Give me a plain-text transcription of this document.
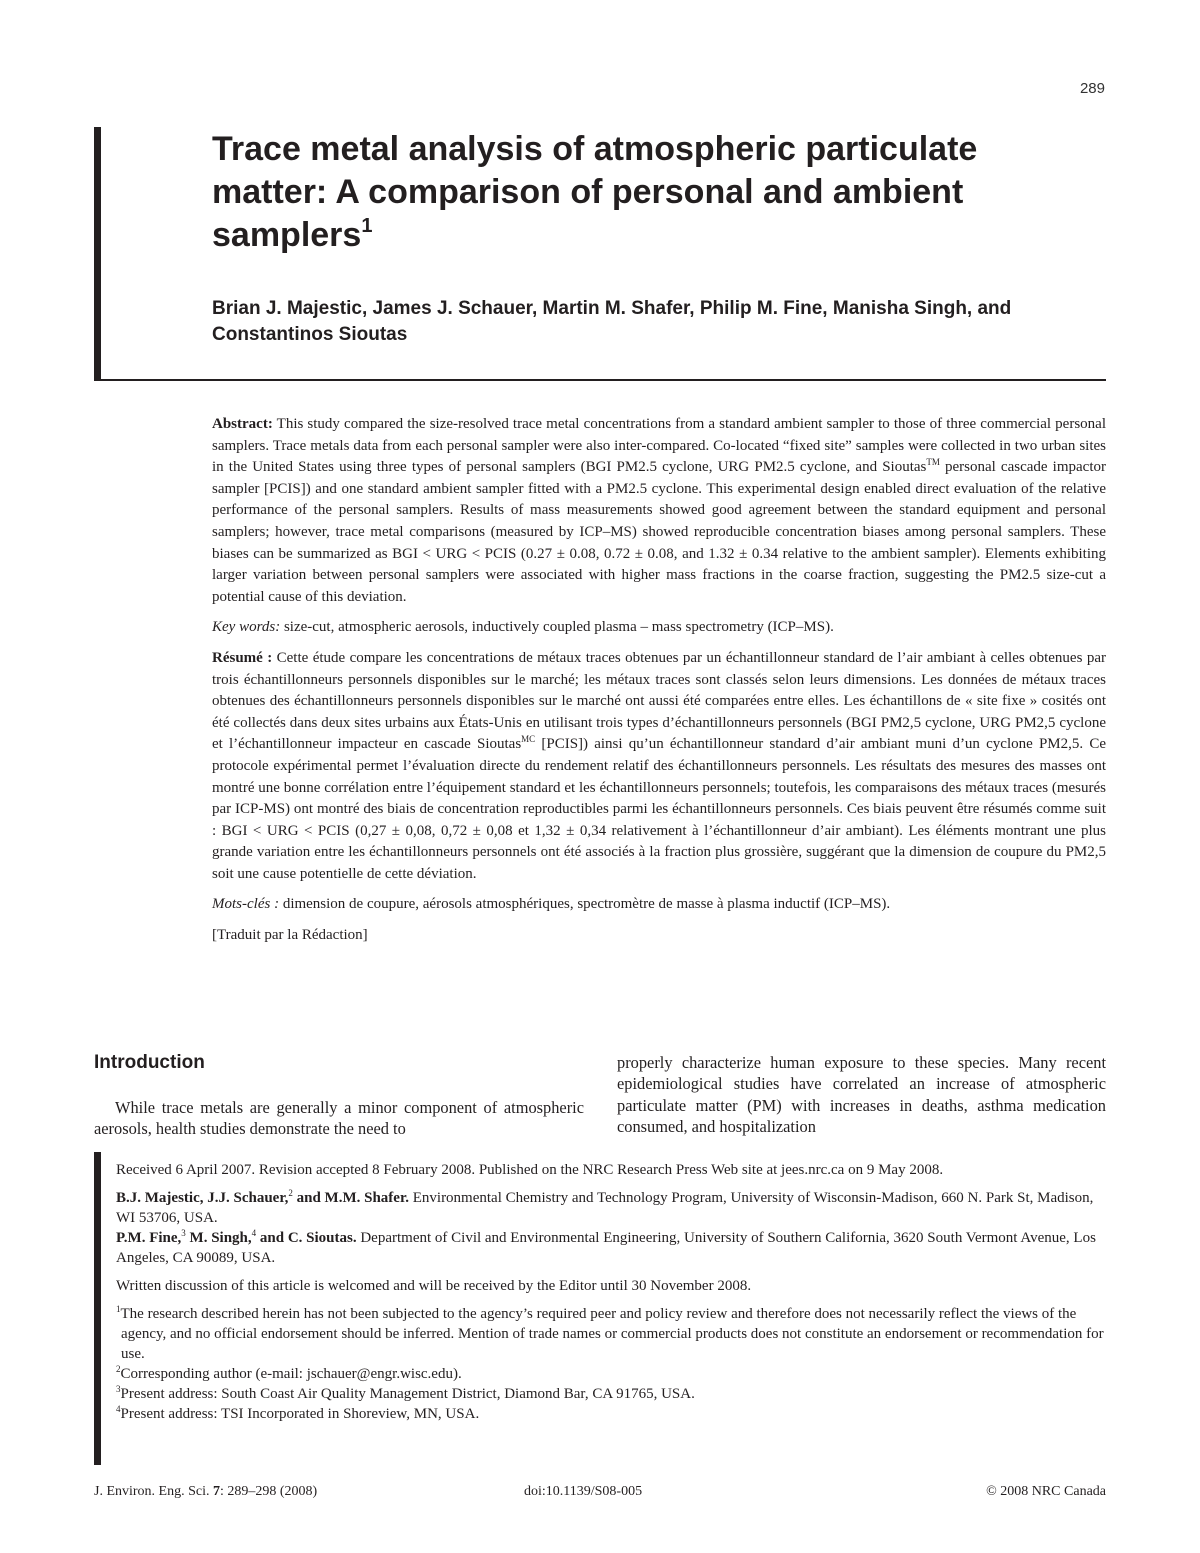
289
Trace metal analysis of atmospheric particulate matter: A comparison of personal and ambient samplers$^1$
Brian J. Majestic, James J. Schauer, Martin M. Shafer, Philip M. Fine, Manisha Singh, and Constantinos Sioutas

Abstract: This study compared the size-resolved trace metal concentrations from a standard ambient sampler to those of three commercial personal samplers. Trace metals data from each personal sampler were also inter-compared. Co-located “fixed site” samples were collected in two urban sites in the United States using three types of personal samplers (BGI PM2.5 cyclone, URG PM2.5 cyclone, and Sioutas™ personal cascade impactor sampler [PCIS]) and one standard ambient sampler fitted with a PM2.5 cyclone. This experimental design enabled direct evaluation of the relative performance of the personal samplers. Results of mass measurements showed good agreement between the standard equipment and personal samplers; however, trace metal comparisons (measured by ICP–MS) showed reproducible concentration biases among personal samplers. These biases can be summarized as BGI < URG < PCIS (0.27 ± 0.08, 0.72 ± 0.08, and 1.32 ± 0.34 relative to the ambient sampler). Elements exhibiting larger variation between personal samplers were associated with higher mass fractions in the coarse fraction, suggesting the PM2.5 size-cut a potential cause of this deviation.

Key words: size-cut, atmospheric aerosols, inductively coupled plasma – mass spectrometry (ICP–MS).

Résumé : Cette étude compare les concentrations de métaux traces obtenues par un échantillonneur standard de l’air ambiant à celles obtenues par trois échantillonneurs personnels disponibles sur le marché; les métaux traces sont classés selon leurs dimensions. Les données de métaux traces obtenues des échantillonneurs personnels disponibles sur le marché ont aussi été comparées entre elles. Les échantillons de « site fixe » cosités ont été collectés dans deux sites urbains aux États-Unis en utilisant trois types d’échantillonneurs personnels (BGI PM2,5 cyclone, URG PM2,5 cyclone et l’échantillonneur impacteur en cascade Sioutas$^{MC}$ [PCIS]) ainsi qu’un échantillonneur standard d’air ambiant muni d’un cyclone PM2,5. Ce protocole expérimental permet l’évaluation directe du rendement relatif des échantillonneurs personnels. Les résultats des mesures des masses ont montré une bonne corrélation entre l’équipement standard et les échantillonneurs personnels; toutefois, les comparaisons des métaux traces (mesurés par ICP-MS) ont montré des biais de concentration reproductibles parmi les échantillonneurs personnels. Ces biais peuvent être résumés comme suit : BGI < URG < PCIS (0,27 ± 0,08, 0,72 ± 0,08 et 1,32 ± 0,34 relativement à l’échantillonneur d’air ambiant). Les éléments montrant une plus grande variation entre les échantillonneurs personnels ont été associés à la fraction plus grossière, suggérant que la dimension de coupure du PM2,5 soit une cause potentielle de cette déviation.

Mots-clés : dimension de coupure, aérosols atmosphériques, spectromètre de masse à plasma inductif (ICP–MS).

[Traduit par la Rédaction]

Introduction

While trace metals are generally a minor component of atmospheric aerosols, health studies demonstrate the need to

properly characterize human exposure to these species. Many recent epidemiological studies have correlated an increase of atmospheric particulate matter (PM) with increases in deaths, asthma medication consumed, and hospitalization

Received 6 April 2007. Revision accepted 8 February 2008. Published on the NRC Research Press Web site at jees.nrc.ca on 9 May 2008.

B.J. Majestic, J.J. Schauer,$^2$ and M.M. Shafer. Environmental Chemistry and Technology Program, University of Wisconsin-Madison, 660 N. Park St, Madison, WI 53706, USA.

P.M. Fine,$^3$ M. Singh,$^4$ and C. Sioutas. Department of Civil and Environmental Engineering, University of Southern California, 3620 South Vermont Avenue, Los Angeles, CA 90089, USA.

Written discussion of this article is welcomed and will be received by the Editor until 30 November 2008.

$^1$The research described herein has not been subjected to the agency’s required peer and policy review and therefore does not necessarily reflect the views of the agency, and no official endorsement should be inferred. Mention of trade names or commercial products does not constitute an endorsement or recommendation for use.

$^2$Corresponding author (e-mail: jschauer@engr.wisc.edu).

$^3$Present address: South Coast Air Quality Management District, Diamond Bar, CA 91765, USA.

$^4$Present address: TSI Incorporated in Shoreview, MN, USA.

J. Environ. Eng. Sci. 7: 289–298 (2008)	doi:10.1139/S08-005	© 2008 NRC Canada
